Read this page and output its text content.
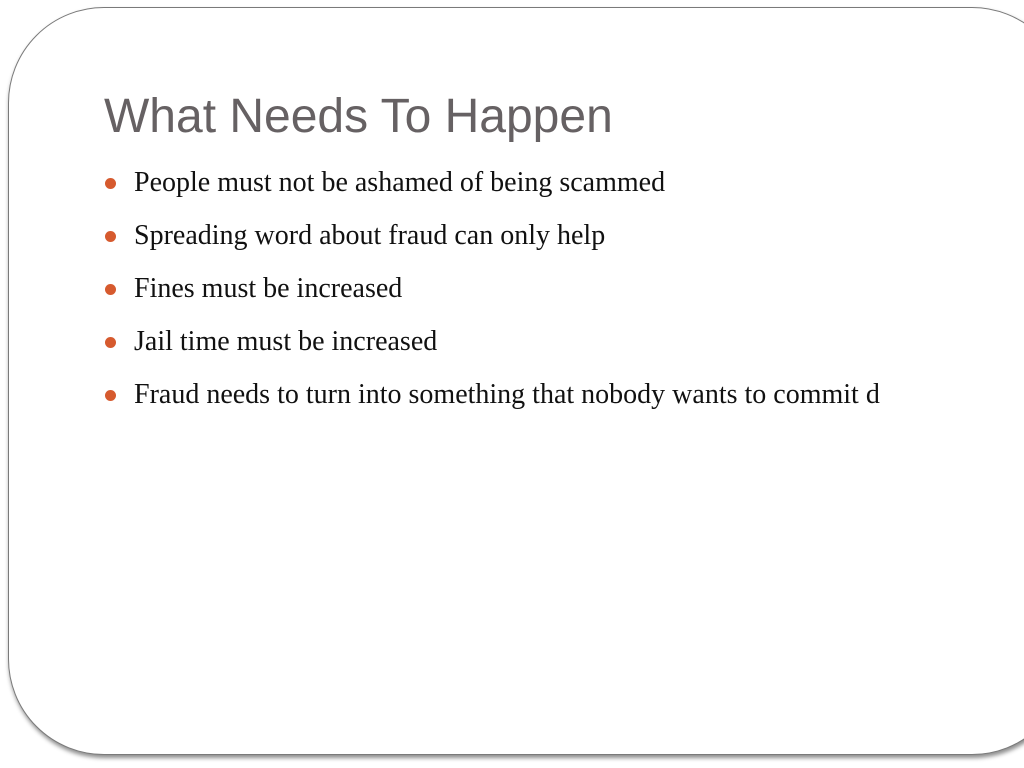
What Needs To Happen
People must not be ashamed of being scammed
Spreading word about fraud can only help
Fines must be increased
Jail time must be increased
Fraud needs to turn into something that nobody wants to commit d
